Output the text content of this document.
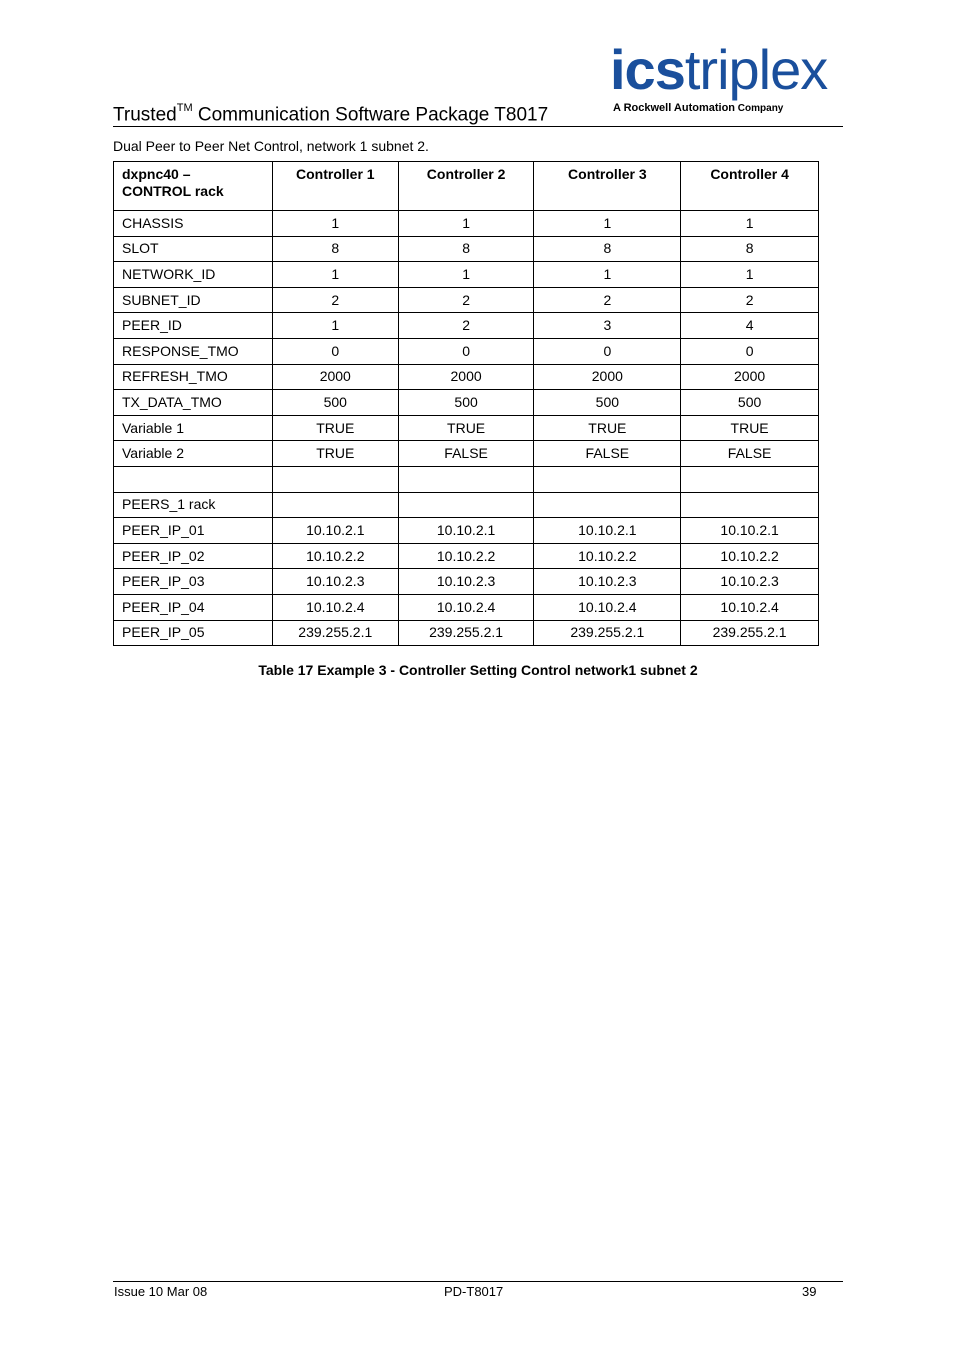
Trusted™ Communication Software Package T8017
icstriplex
A Rockwell Automation Company
Dual Peer to Peer Net Control, network 1 subnet 2.
dxpnc40 –
CONTROL rack	Controller 1	Controller 2	Controller 3	Controller 4
CHASSIS	1	1	1	1
SLOT	8	8	8	8
NETWORK_ID	1	1	1	1
SUBNET_ID	2	2	2	2
PEER_ID	1	2	3	4
RESPONSE_TMO	0	0	0	0
REFRESH_TMO	2000	2000	2000	2000
TX_DATA_TMO	500	500	500	500
Variable 1	TRUE	TRUE	TRUE	TRUE
Variable 2	TRUE	FALSE	FALSE	FALSE

PEERS_1 rack				
PEER_IP_01	10.10.2.1	10.10.2.1	10.10.2.1	10.10.2.1
PEER_IP_02	10.10.2.2	10.10.2.2	10.10.2.2	10.10.2.2
PEER_IP_03	10.10.2.3	10.10.2.3	10.10.2.3	10.10.2.3
PEER_IP_04	10.10.2.4	10.10.2.4	10.10.2.4	10.10.2.4
PEER_IP_05	239.255.2.1	239.255.2.1	239.255.2.1	239.255.2.1
Table 17 Example 3 - Controller Setting Control network1 subnet 2
Issue 10 Mar 08	PD-T8017	39
